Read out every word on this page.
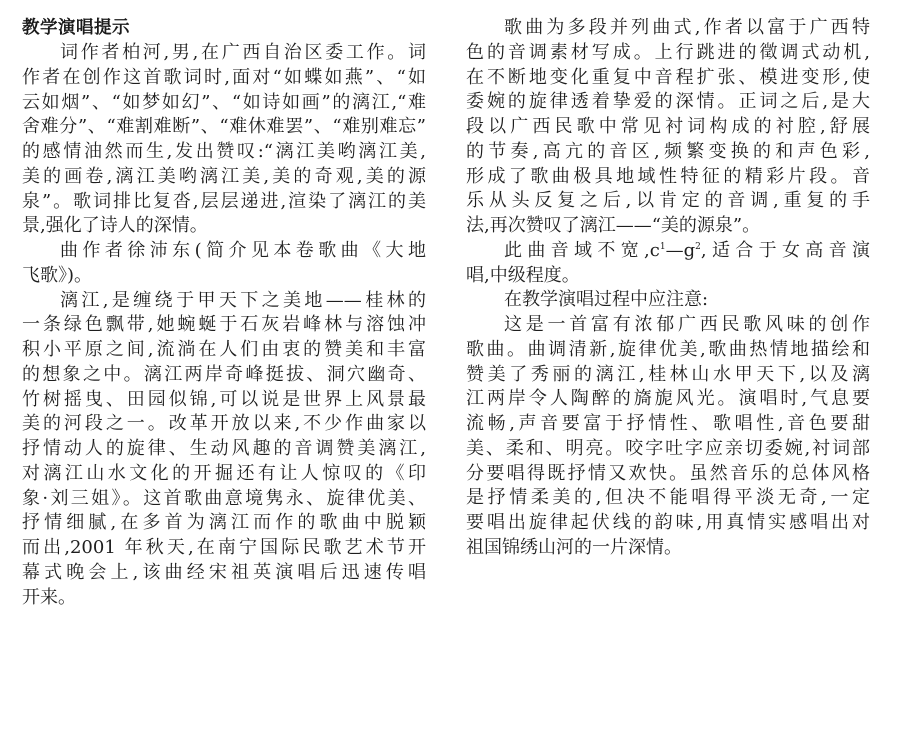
教学演唱提示
词作者柏河,男,在广西自治区委工作。词
作者在创作这首歌词时,面对“如蝶如燕”、“如
云如烟”、“如梦如幻”、“如诗如画”的漓江,“难
舍难分”、“难割难断”、“难休难罢”、“难别难忘”
的感情油然而生,发出赞叹:“漓江美哟漓江美,
美的画卷,漓江美哟漓江美,美的奇观,美的源
泉”。歌词排比复沓,层层递进,渲染了漓江的美
景,强化了诗人的深情。
曲作者徐沛东(简介见本卷歌曲《大地
飞歌》)。
漓江,是缠绕于甲天下之美地——桂林的
一条绿色飘带,她蜿蜒于石灰岩峰林与溶蚀冲
积小平原之间,流淌在人们由衷的赞美和丰富
的想象之中。漓江两岸奇峰挺拔、洞穴幽奇、
竹树摇曳、田园似锦,可以说是世界上风景最
美的河段之一。改革开放以来,不少作曲家以
抒情动人的旋律、生动风趣的音调赞美漓江,
对漓江山水文化的开掘还有让人惊叹的《印
象·刘三姐》。这首歌曲意境隽永、旋律优美、
抒情细腻,在多首为漓江而作的歌曲中脱颖
而出,2001 年秋天,在南宁国际民歌艺术节开
幕式晚会上,该曲经宋祖英演唱后迅速传唱
开来。
歌曲为多段并列曲式,作者以富于广西特
色的音调素材写成。上行跳进的徵调式动机,
在不断地变化重复中音程扩张、模进变形,使
委婉的旋律透着挚爱的深情。正词之后,是大
段以广西民歌中常见衬词构成的衬腔,舒展
的节奏,高亢的音区,频繁变换的和声色彩,
形成了歌曲极具地域性特征的精彩片段。音
乐从头反复之后,以肯定的音调,重复的手
法,再次赞叹了漓江——“美的源泉”。
此曲音域不宽$,c^1—g^2$,适合于女高音演
唱,中级程度。
在教学演唱过程中应注意:
这是一首富有浓郁广西民歌风味的创作
歌曲。曲调清新,旋律优美,歌曲热情地描绘和
赞美了秀丽的漓江,桂林山水甲天下,以及漓
江两岸令人陶醉的旖旎风光。演唱时,气息要
流畅,声音要富于抒情性、歌唱性,音色要甜
美、柔和、明亮。咬字吐字应亲切委婉,衬词部
分要唱得既抒情又欢快。虽然音乐的总体风格
是抒情柔美的,但决不能唱得平淡无奇,一定
要唱出旋律起伏线的韵味,用真情实感唱出对
祖国锦绣山河的一片深情。
